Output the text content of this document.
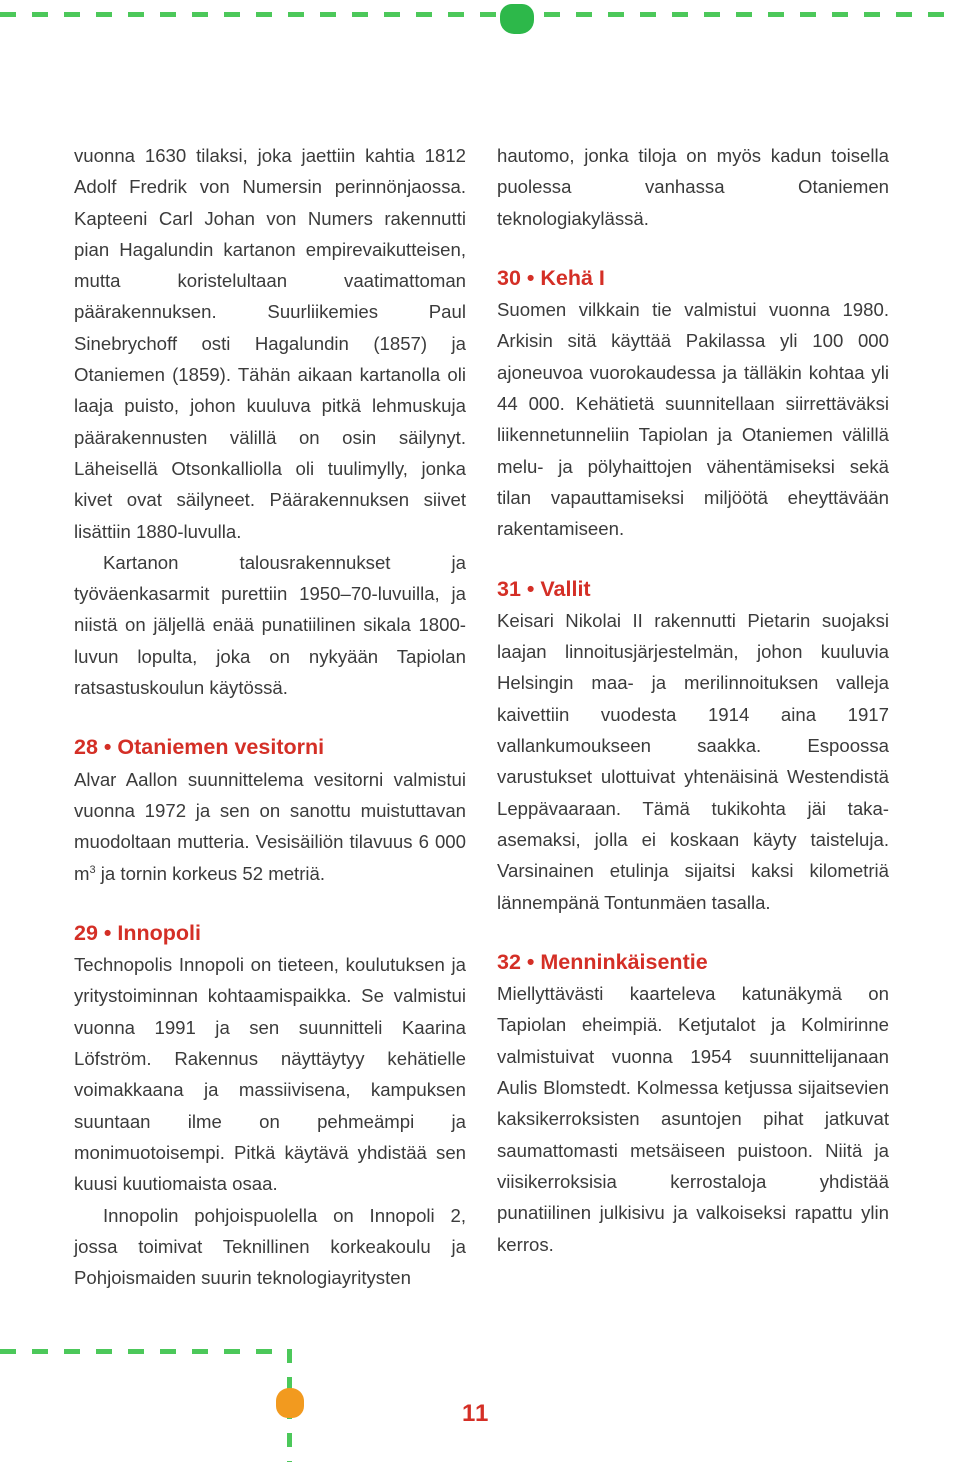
vuonna 1630 tilaksi, joka jaettiin kahtia 1812 Adolf Fredrik von Numersin perinnönjaossa. Kapteeni Carl Johan von Numers rakennutti pian Hagalundin kartanon empirevaikutteisen, mutta koristelultaan vaatimattoman päärakennuksen. Suurliikemies Paul Sinebrychoff osti Hagalundin (1857) ja Otaniemen (1859). Tähän aikaan kartanolla oli laaja puisto, johon kuuluva pitkä lehmuskuja päärakennusten välillä on osin säilynyt. Läheisellä Otsonkalliolla oli tuulimylly, jonka kivet ovat säilyneet. Päärakennuksen siivet lisättiin 1880-luvulla.

Kartanon talousrakennukset ja työväenkasarmit purettiin 1950–70-luvuilla, ja niistä on jäljellä enää punatiilinen sikala 1800-luvun lopulta, joka on nykyään Tapiolan ratsastuskoulun käytössä.

28 • Otaniemen vesitorni

Alvar Aallon suunnittelema vesitorni valmistui vuonna 1972 ja sen on sanottu muistuttavan muodoltaan mutteria. Vesisäiliön tilavuus 6 000 $m^3$ ja tornin korkeus 52 metriä.

29 • Innopoli

Technopolis Innopoli on tieteen, koulutuksen ja yritystoiminnan kohtaamispaikka. Se valmistui vuonna 1991 ja sen suunnitteli Kaarina Löfström. Rakennus näyttäytyy kehätielle voimakkaana ja massiivisena, kampuksen suuntaan ilme on pehmeämpi ja monimuotoisempi. Pitkä käytävä yhdistää sen kuusi kuutiomaista osaa.

Innopolin pohjoispuolella on Innopoli 2, jossa toimivat Teknillinen korkeakoulu ja Pohjoismaiden suurin teknologiayritysten

hautomo, jonka tiloja on myös kadun toisella puolessa vanhassa Otaniemen teknologiakylässä.

30 • Kehä I

Suomen vilkkain tie valmistui vuonna 1980. Arkisin sitä käyttää Pakilassa yli 100 000 ajoneuvoa vuorokaudessa ja tälläkin kohtaa yli 44 000. Kehätietä suunnitellaan siirrettäväksi liikennetunneliin Tapiolan ja Otaniemen välillä melu- ja pölyhaittojen vähentämiseksi sekä tilan vapauttamiseksi miljöötä eheyttävään rakentamiseen.

31 • Vallit

Keisari Nikolai II rakennutti Pietarin suojaksi laajan linnoitusjärjestelmän, johon kuuluvia Helsingin maa- ja merilinnoituksen valleja kaivettiin vuodesta 1914 aina 1917 vallankumoukseen saakka. Espoossa varustukset ulottuivat yhtenäisinä Westendistä Leppävaaraan. Tämä tukikohta jäi taka-asemaksi, jolla ei koskaan käyty taisteluja. Varsinainen etulinja sijaitsi kaksi kilometriä lännempänä Tontunmäen tasalla.

32 • Menninkäisentie

Miellyttävästi kaarteleva katunäkymä on Tapiolan eheimpiä. Ketjutalot ja Kolmirinne valmistuivat vuonna 1954 suunnittelijanaan Aulis Blomstedt. Kolmessa ketjussa sijaitsevien kaksikerroksisten asuntojen pihat jatkuvat saumattomasti metsäiseen puistoon. Niitä ja viisikerroksisia kerrostaloja yhdistää punatiilinen julkisivu ja valkoiseksi rapattu ylin kerros.

11
